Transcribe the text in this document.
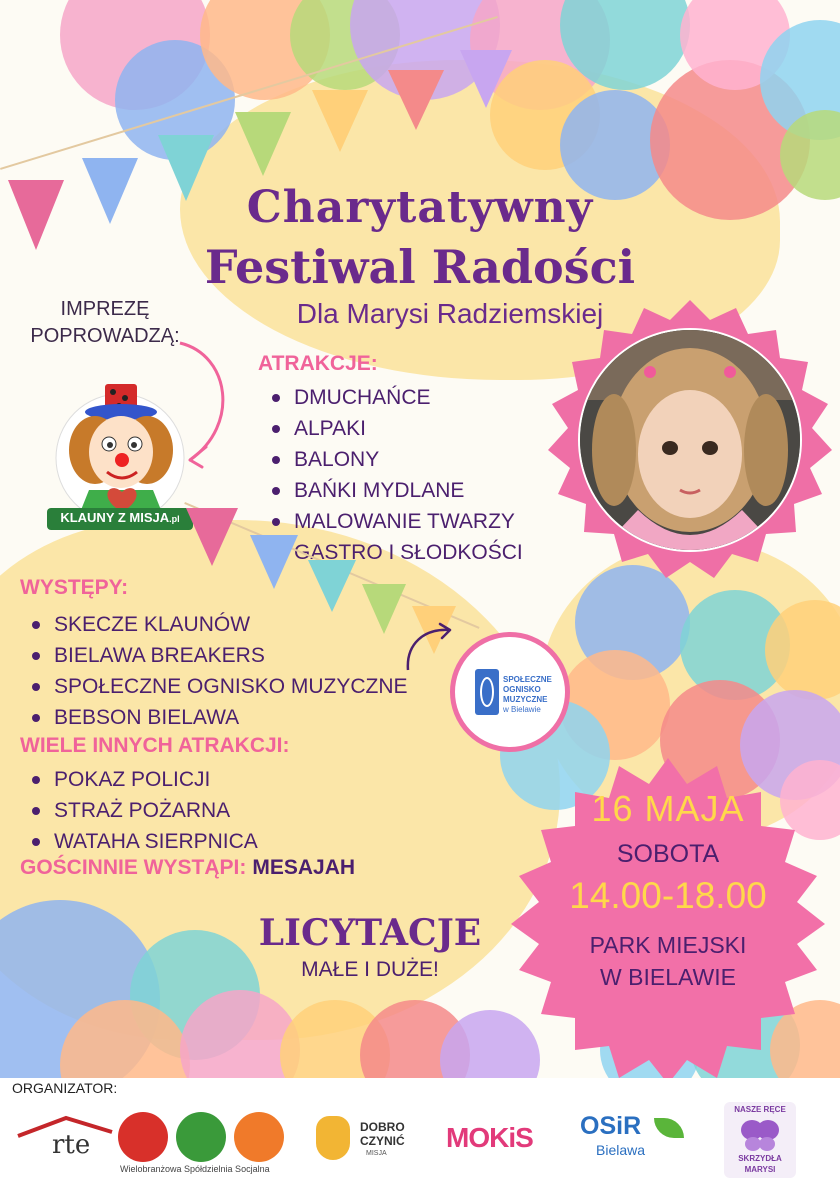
Charytatywny
Festiwal Radości
Dla Marysi Radziemskiej
IMPREZĘ POPROWADZĄ:
KLAUNY Z MISJA.pl
ATRAKCJE:
DMUCHAŃCE
ALPAKI
BALONY
BAŃKI MYDLANE
MALOWANIE TWARZY
GASTRO I SŁODKOŚCI
WYSTĘPY:
SKECZE KLAUNÓW
BIELAWA BREAKERS
SPOŁECZNE OGNISKO MUZYCZNE
BEBSON BIELAWA
SPOŁECZNE
OGNISKO
MUZYCZNE
w Bielawie
WIELE INNYCH ATRAKCJI:
POKAZ POLICJI
STRAŻ POŻARNA
WATAHA SIERPNICA
GOŚCINNIE WYSTĄPI: MESAJAH
LICYTACJE
MAŁE I DUŻE!
16 MAJA
SOBOTA
14.00-18.00
PARK MIEJSKI
W BIELAWIE
ORGANIZATOR:
rte
Wielobranżowa Spółdzielnia Socjalna
DOBRO
CZYNIĆ
MISJA
MOKiS OSiR
Bielawa
NASZE RĘCE
SKRZYDŁA
MARYSI
